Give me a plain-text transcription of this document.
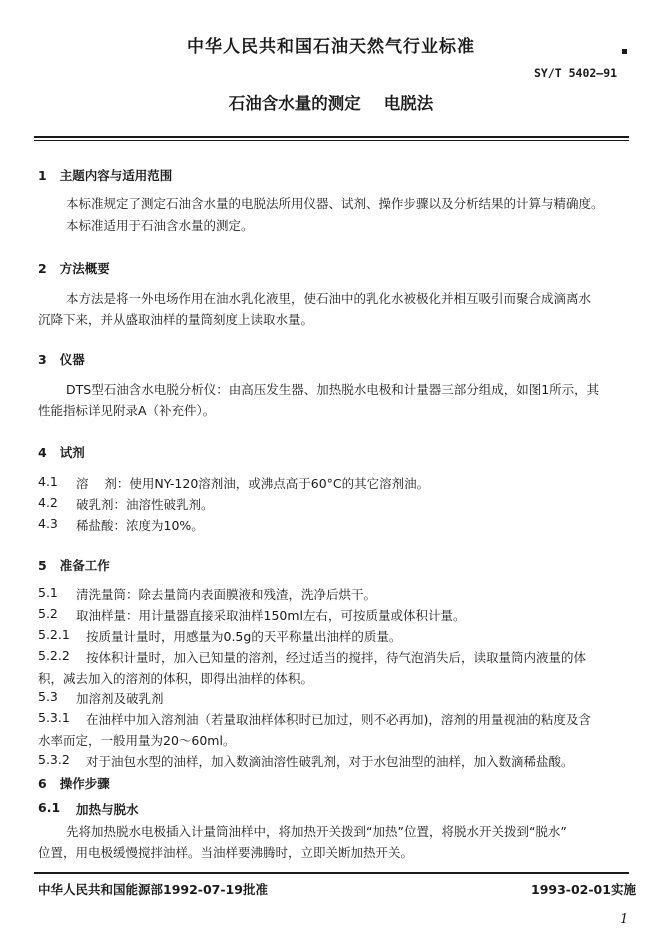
中华人民共和国石油天然气行业标准
SY/T 5402—91
石油含水量的测定    电脱法
1   主题内容与适用范围
本标准规定了测定石油含水量的电脱法所用仪器、试剂、操作步骤以及分析结果的计算与精确度。
本标准适用于石油含水量的测定。
2   方法概要
本方法是将一外电场作用在油水乳化液里，使石油中的乳化水被极化并相互吸引而聚合成滴离水
沉降下来，并从盛取油样的量筒刻度上读取水量。
3   仪器
DTS型石油含水电脱分析仪：由高压发生器、加热脱水电极和计量器三部分组成，如图1所示，其
性能指标详见附录A（补充件）。
4   试剂
4.1 溶    剂：使用NY-120溶剂油，或沸点高于60°C的其它溶剂油。
4.2 破乳剂：油溶性破乳剂。
4.3 稀盐酸：浓度为10%。
5   准备工作
5.1 清洗量筒：除去量筒内表面膜液和残渣，洗净后烘干。
5.2 取油样量：用计量器直接采取油样150ml左右，可按质量或体积计量。
5.2.1 按质量计量时，用感量为0.5g的天平称量出油样的质量。
5.2.2 按体积计量时，加入已知量的溶剂，经过适当的搅拌，待气泡消失后，读取量筒内液量的体
积，减去加入的溶剂的体积，即得出油样的体积。
5.3 加溶剂及破乳剂
5.3.1 在油样中加入溶剂油（若量取油样体积时已加过，则不必再加)，溶剂的用量视油的粘度及含
水率而定，一般用量为20～60ml。
5.3.2 对于油包水型的油样，加入数滴油溶性破乳剂，对于水包油型的油样，加入数滴稀盐酸。
6   操作步骤
6.1 加热与脱水
先将加热脱水电极插入计量筒油样中，将加热开关拨到“加热”位置，将脱水开关拨到“脱水”
位置，用电极缓慢搅拌油样。当油样要沸腾时，立即关断加热开关。
中华人民共和国能源部1992-07-19批准	1993-02-01实施
1
